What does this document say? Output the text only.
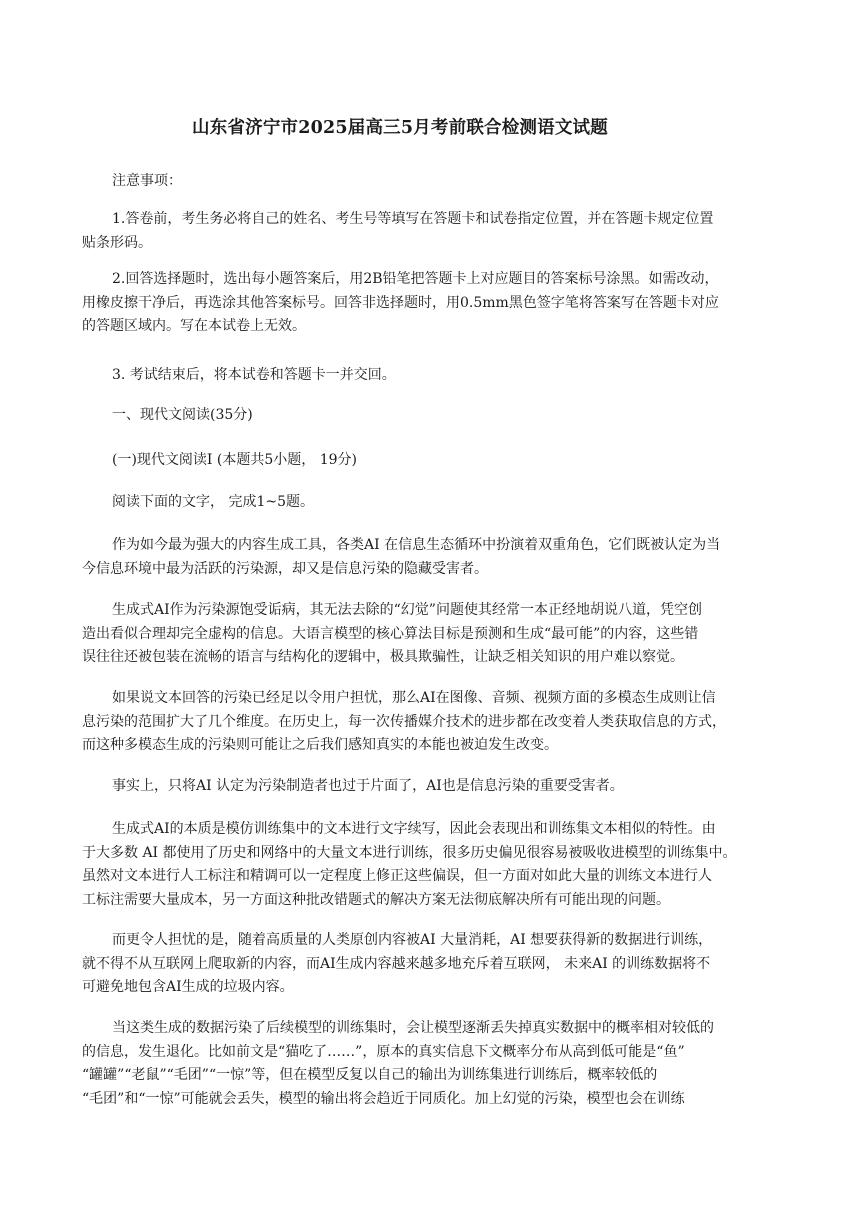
山东省济宁市2025届高三5月考前联合检测语文试题
注意事项：
1.答卷前，考生务必将自己的姓名、考生号等填写在答题卡和试卷指定位置，并在答题卡规定位置
贴条形码。
2.回答选择题时，选出每小题答案后，用2B铅笔把答题卡上对应题目的答案标号涂黑。如需改动，
用橡皮擦干净后，再选涂其他答案标号。回答非选择题时，用0.5mm黑色签字笔将答案写在答题卡对应
的答题区域内。写在本试卷上无效。
3. 考试结束后，将本试卷和答题卡一并交回。
一、现代文阅读(35分)
(一)现代文阅读Ⅰ (本题共5小题， 19分)
阅读下面的文字， 完成1~5题。
作为如今最为强大的内容生成工具，各类AI 在信息生态循环中扮演着双重角色，它们既被认定为当
今信息环境中最为活跃的污染源，却又是信息污染的隐藏受害者。
生成式AI作为污染源饱受诟病，其无法去除的“幻觉”问题使其经常一本正经地胡说八道，凭空创
造出看似合理却完全虚构的信息。大语言模型的核心算法目标是预测和生成“最可能”的内容，这些错
误往往还被包装在流畅的语言与结构化的逻辑中，极具欺骗性，让缺乏相关知识的用户难以察觉。
如果说文本回答的污染已经足以令用户担忧，那么AI在图像、音频、视频方面的多模态生成则让信
息污染的范围扩大了几个维度。在历史上，每一次传播媒介技术的进步都在改变着人类获取信息的方式，
而这种多模态生成的污染则可能让之后我们感知真实的本能也被迫发生改变。
事实上，只将AI 认定为污染制造者也过于片面了，AI也是信息污染的重要受害者。
生成式AI的本质是模仿训练集中的文本进行文字续写，因此会表现出和训练集文本相似的特性。由
于大多数 AI 都使用了历史和网络中的大量文本进行训练，很多历史偏见很容易被吸收进模型的训练集中。
虽然对文本进行人工标注和精调可以一定程度上修正这些偏误，但一方面对如此大量的训练文本进行人
工标注需要大量成本，另一方面这种批改错题式的解决方案无法彻底解决所有可能出现的问题。
而更令人担忧的是，随着高质量的人类原创内容被AI 大量消耗，AI 想要获得新的数据进行训练，
就不得不从互联网上爬取新的内容，而AI生成内容越来越多地充斥着互联网， 未来AI 的训练数据将不
可避免地包含AI生成的垃圾内容。
当这类生成的数据污染了后续模型的训练集时，会让模型逐渐丢失掉真实数据中的概率相对较低的
的信息，发生退化。比如前文是“猫吃了……”，原本的真实信息下文概率分布从高到低可能是“鱼”
“罐罐”“老鼠”“毛团”“一惊”等，但在模型反复以自己的输出为训练集进行训练后，概率较低的
“毛团”和“一惊”可能就会丢失，模型的输出将会趋近于同质化。加上幻觉的污染，模型也会在训练
